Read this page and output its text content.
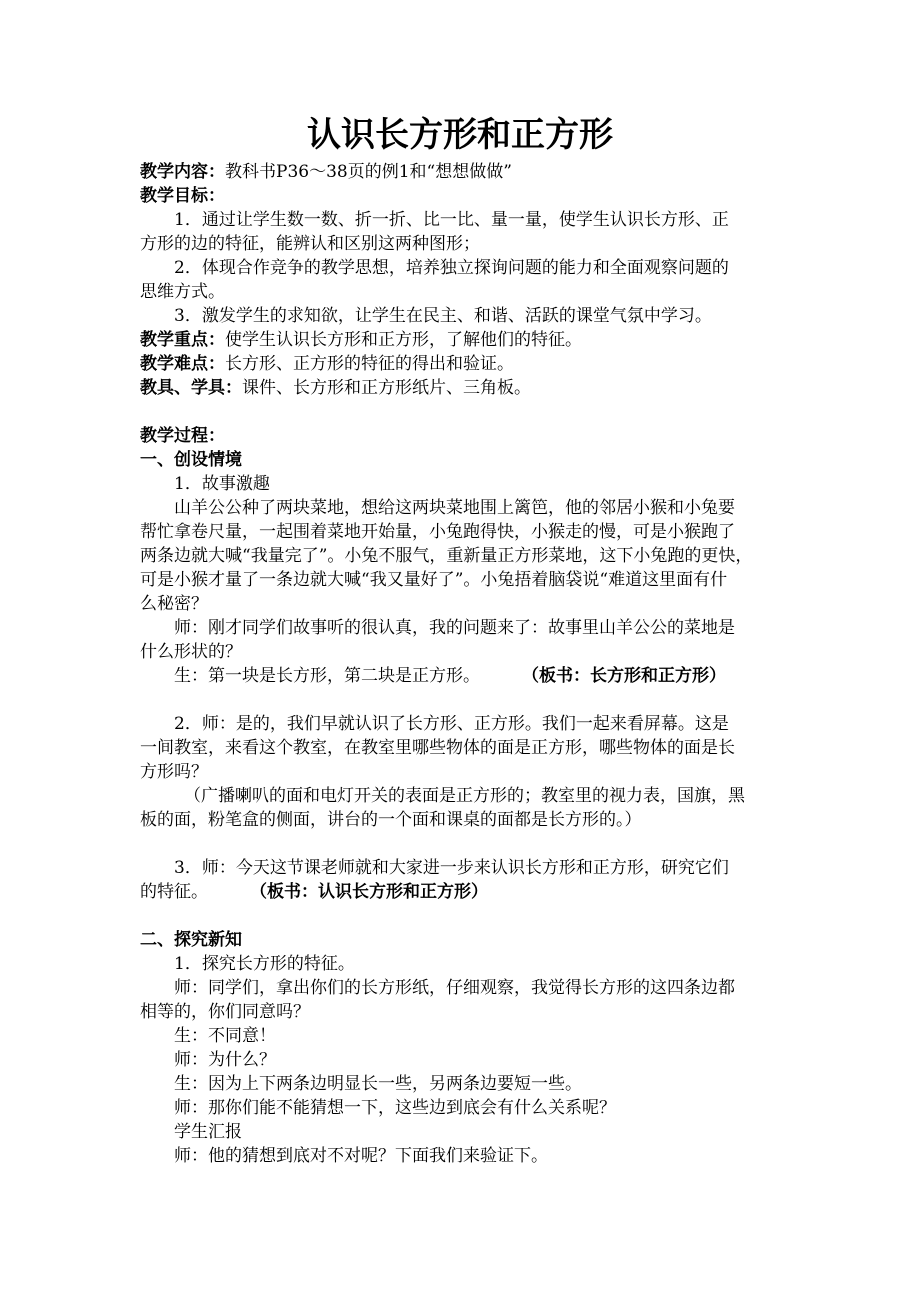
认识长方形和正方形
教学内容：教科书P36～38页的例1和“想想做做”
教学目标：
1．通过让学生数一数、折一折、比一比、量一量，使学生认识长方形、正
方形的边的特征，能辨认和区别这两种图形；
2．体现合作竞争的教学思想，培养独立探询问题的能力和全面观察问题的
思维方式。
3．激发学生的求知欲，让学生在民主、和谐、活跃的课堂气氛中学习。
教学重点：使学生认识长方形和正方形，了解他们的特征。
教学难点：长方形、正方形的特征的得出和验证。
教具、学具：课件、长方形和正方形纸片、三角板。
教学过程：
一、创设情境
1．故事激趣
山羊公公种了两块菜地，想给这两块菜地围上篱笆，他的邻居小猴和小兔要
帮忙拿卷尺量，一起围着菜地开始量，小兔跑得快，小猴走的慢，可是小猴跑了
两条边就大喊“我量完了”。小兔不服气，重新量正方形菜地，这下小兔跑的更快，
可是小猴才量了一条边就大喊“我又量好了”。小兔捂着脑袋说“难道这里面有什
么秘密？
师：刚才同学们故事听的很认真，我的问题来了：故事里山羊公公的菜地是
什么形状的？
生：第一块是长方形，第二块是正方形。 （板书：长方形和正方形）
2．师：是的，我们早就认识了长方形、正方形。我们一起来看屏幕。这是
一间教室，来看这个教室，在教室里哪些物体的面是正方形，哪些物体的面是长
方形吗？
（广播喇叭的面和电灯开关的表面是正方形的；教室里的视力表，国旗，黑
板的面，粉笔盒的侧面，讲台的一个面和课桌的面都是长方形的。）
3．师：今天这节课老师就和大家进一步来认识长方形和正方形，研究它们
的特征。 （板书：认识长方形和正方形）
二、探究新知
1．探究长方形的特征。
师：同学们，拿出你们的长方形纸，仔细观察，我觉得长方形的这四条边都
相等的，你们同意吗？
生：不同意！
师：为什么？
生：因为上下两条边明显长一些，另两条边要短一些。
师：那你们能不能猜想一下，这些边到底会有什么关系呢？
学生汇报
师：他的猜想到底对不对呢？下面我们来验证下。
